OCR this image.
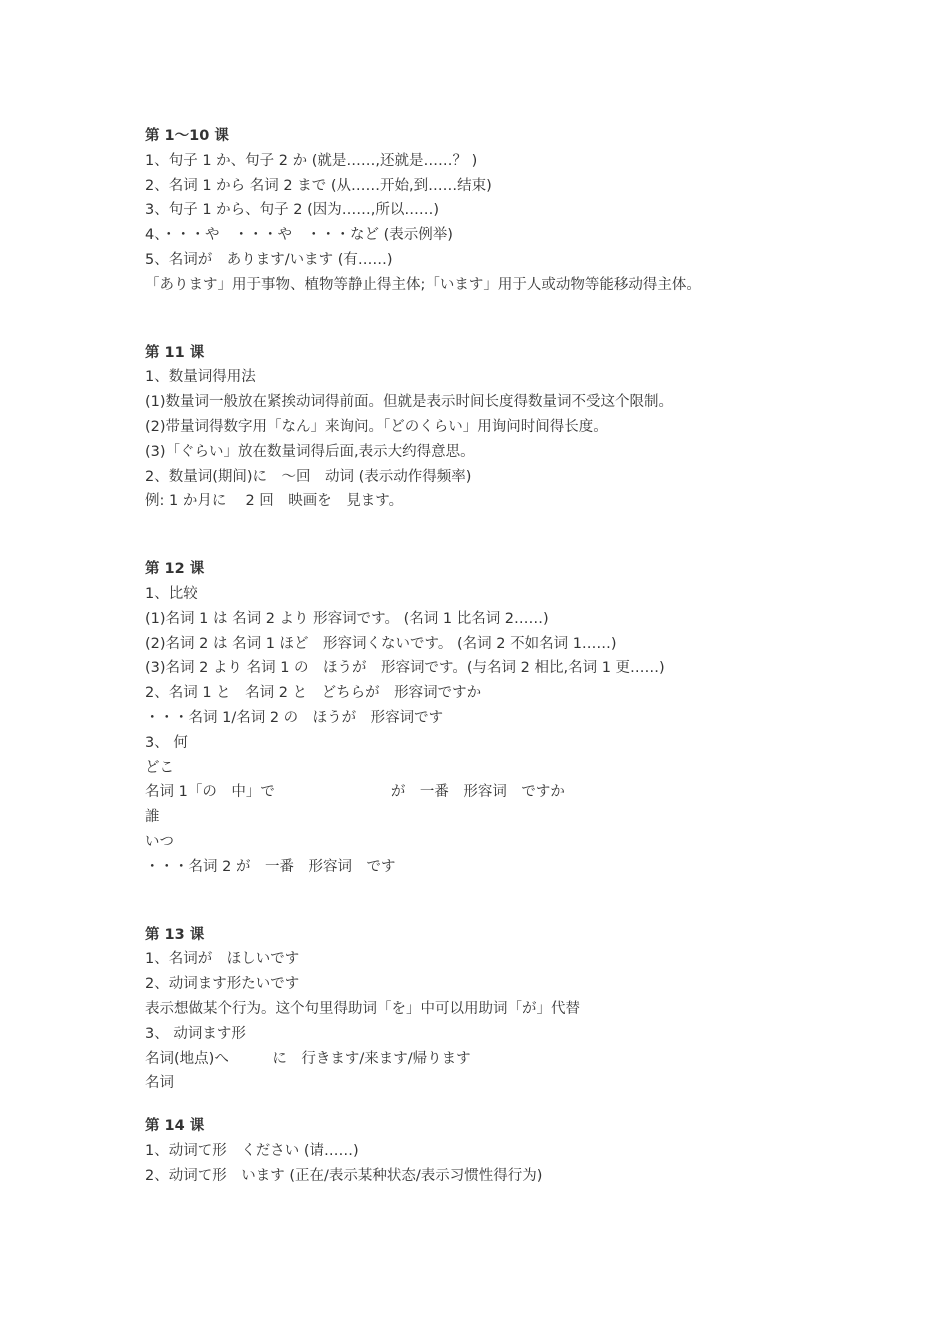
第 1～10 课
1、句子 1 か、句子 2 か (就是……,还就是……？ )
2、名词 1 から 名词 2 まで (从……开始,到……结束)
3、句子 1 から、句子 2 (因为……,所以……)
4、・・・や　・・・や　・・・など (表示例举)
5、名词が　あります/います (有……)
「あります」用于事物、植物等静止得主体;「います」用于人或动物等能移动得主体。
第 11 课
1、数量词得用法
(1)数量词一般放在紧挨动词得前面。但就是表示时间长度得数量词不受这个限制。
(2)带量词得数字用「なん」来询问。「どのくらい」用询问时间得长度。
(3)「ぐらい」放在数量词得后面,表示大约得意思。
2、数量词(期间)に　～回　动词 (表示动作得频率)
例: 1 か月に　 2 回　映画を　見ます。
第 12 课
1、比较
(1)名词 1 は 名词 2 より 形容词です。 (名词 1 比名词 2……)
(2)名词 2 は 名词 1 ほど　形容词くないです。 (名词 2 不如名词 1……)
(3)名词 2 より 名词 1 の　ほうが　形容词です。(与名词 2 相比,名词 1 更……)
2、名词 1 と　名词 2 と　どちらが　形容词ですか
・・・名词 1/名词 2 の　ほうが　形容词です
3、 何
どこ
名词 1「の　中」で　　　　　　　　が　一番　形容词　ですか
誰
いつ
・・・名词 2 が　一番　形容词　です
第 13 课
1、名词が　ほしいです
2、动词ます形たいです
表示想做某个行为。这个句里得助词「を」中可以用助词「が」代替
3、 动词ます形
名词(地点)へ　　　に　行きます/来ます/帰ります
名词
第 14 课
1、动词て形　ください (请……)
2、动词て形　います (正在/表示某种状态/表示习惯性得行为)
